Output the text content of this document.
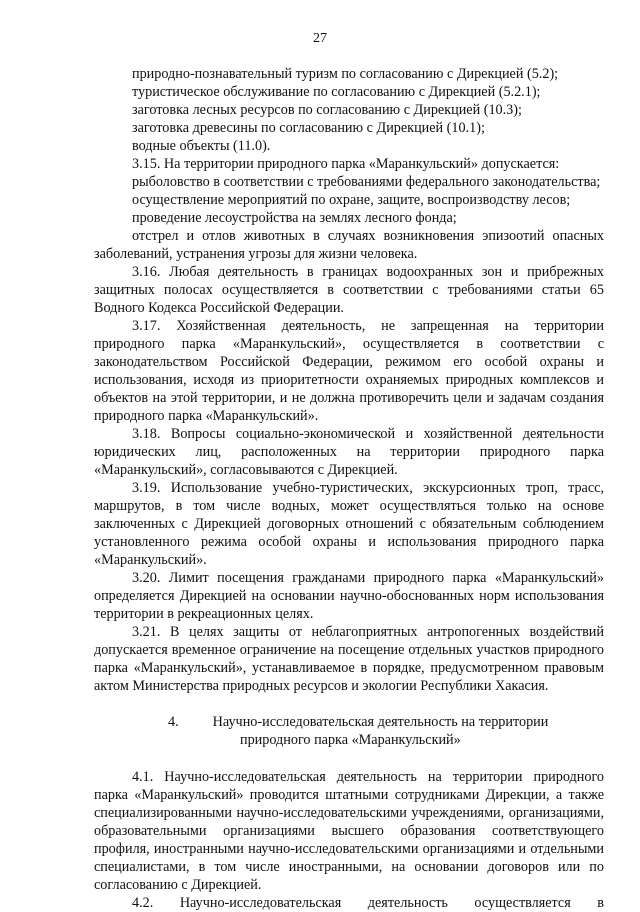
27
природно-познавательный туризм по согласованию с Дирекцией (5.2);
туристическое обслуживание по согласованию с Дирекцией (5.2.1);
заготовка лесных ресурсов по согласованию с Дирекцией (10.3);
заготовка древесины по согласованию с Дирекцией (10.1);
водные объекты (11.0).
3.15. На территории природного парка «Маранкульский» допускается:
рыболовство в соответствии с требованиями федерального законодательства;
осуществление мероприятий по охране, защите, воспроизводству лесов;
проведение лесоустройства на землях лесного фонда;
отстрел и отлов животных в случаях возникновения эпизоотий опасных
заболеваний, устранения угрозы для жизни человека.
3.16. Любая деятельность в границах водоохранных зон и прибрежных
защитных полосах осуществляется в соответствии с требованиями статьи 65
Водного Кодекса Российской Федерации.
3.17. Хозяйственная деятельность, не запрещенная на территории
природного парка «Маранкульский», осуществляется в соответствии с
законодательством Российской Федерации, режимом его особой охраны и
использования, исходя из приоритетности охраняемых природных комплексов и
объектов на этой территории, и не должна противоречить цели и задачам создания
природного парка «Маранкульский».
3.18. Вопросы социально-экономической и хозяйственной деятельности
юридических лиц, расположенных на территории природного парка
«Маранкульский», согласовываются с Дирекцией.
3.19. Использование учебно-туристических, экскурсионных троп, трасс,
маршрутов, в том числе водных, может осуществляться только на основе
заключенных с Дирекцией договорных отношений с обязательным соблюдением
установленного режима особой охраны и использования природного парка
«Маранкульский».
3.20. Лимит посещения гражданами природного парка «Маранкульский»
определяется Дирекцией на основании научно-обоснованных норм использования
территории в рекреационных целях.
3.21. В целях защиты от неблагоприятных антропогенных воздействий
допускается временное ограничение на посещение отдельных участков природного
парка «Маранкульский», устанавливаемое в порядке, предусмотренном правовым
актом Министерства природных ресурсов и экологии Республики Хакасия.
4. Научно-исследовательская деятельность на территории
природного парка «Маранкульский»
4.1. Научно-исследовательская деятельность на территории природного
парка «Маранкульский» проводится штатными сотрудниками Дирекции, а также
специализированными научно-исследовательскими учреждениями, организациями,
образовательными организациями высшего образования соответствующего
профиля, иностранными научно-исследовательскими организациями и отдельными
специалистами, в том числе иностранными, на основании договоров или по
согласованию с Дирекцией.
4.2. Научно-исследовательская деятельность осуществляется в
